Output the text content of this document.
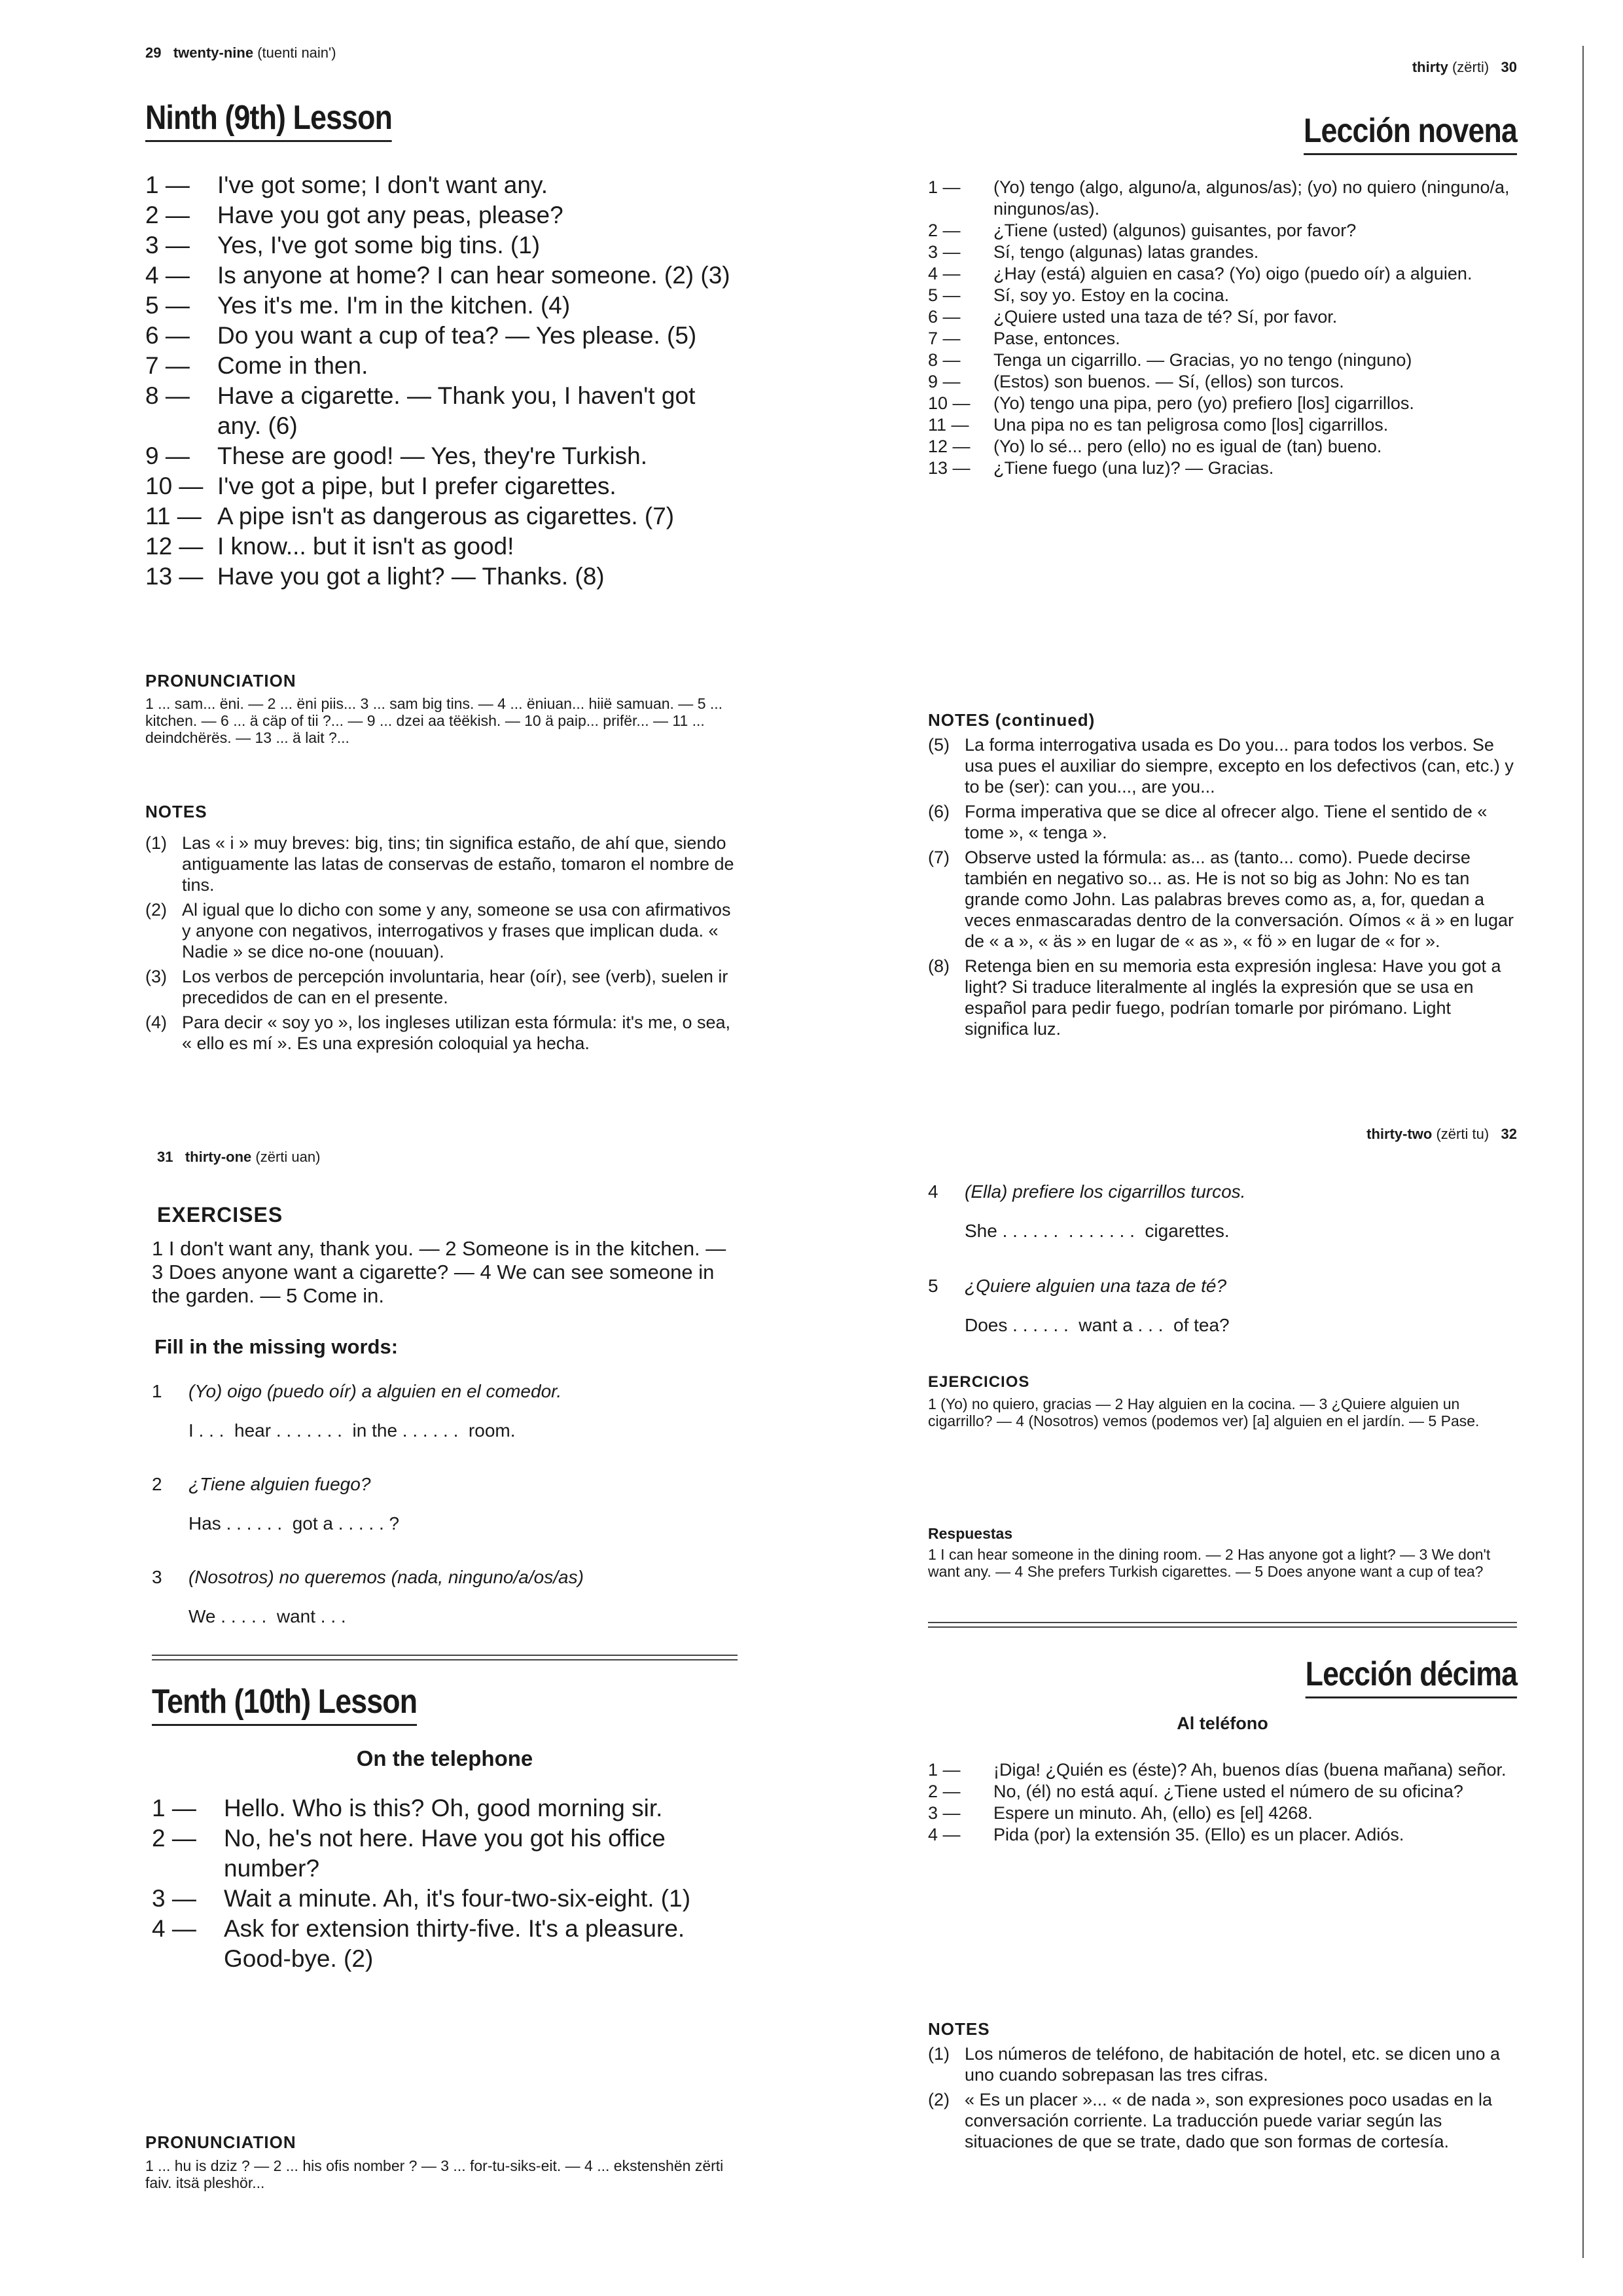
29 twenty-nine (tuenti nain')
Ninth (9th) Lesson
1 —	I've got some; I don't want any.
2 —	Have you got any peas, please?
3 —	Yes, I've got some big tins. (1)
4 —	Is anyone at home? I can hear someone. (2) (3)
5 —	Yes it's me. I'm in the kitchen. (4)
6 —	Do you want a cup of tea? — Yes please. (5)
7 —	Come in then.
8 —	Have a cigarette. — Thank you, I haven't got any. (6)
9 —	These are good! — Yes, they're Turkish.
10 — I've got a pipe, but I prefer cigarettes.
11 — A pipe isn't as dangerous as cigarettes. (7)
12 — I know... but it isn't as good!
13 — Have you got a light? — Thanks. (8)
PRONUNCIATION
1 ... sam... ëni. — 2 ... ëni piis... 3 ... sam big tins. — 4 ... ëniuan... hiië samuan. — 5 ... kitchen. — 6 ... ä cäp of tii ?... — 9 ... dzei aa tëëkish. — 10 ä paip... prifër... — 11 ... deindchërës. — 13 ... ä lait ?...
NOTES
(1) Las « i » muy breves: big, tins; tin significa estaño, de ahí que, siendo antiguamente las latas de conservas de estaño, tomaron el nombre de tins.
(2) Al igual que lo dicho con some y any, someone se usa con afirmativos y anyone con negativos, interrogativos y frases que implican duda. « Nadie » se dice no-one (nouuan).
(3) Los verbos de percepción involuntaria, hear (oír), see (verb), suelen ir precedidos de can en el presente.
(4) Para decir « soy yo », los ingleses utilizan esta fórmula: it's me, o sea, « ello es mí ». Es una expresión coloquial ya hecha.
31 thirty-one (zërti uan)
EXERCISES
1 I don't want any, thank you. — 2 Someone is in the kitchen. — 3 Does anyone want a cigarette? — 4 We can see someone in the garden. — 5 Come in.
Fill in the missing words:
1	(Yo) oigo (puedo oír) a alguien en el comedor.
I . . .  hear . . . . . . .  in the . . . . . .  room.
2	¿Tiene alguien fuego?
Has . . . . . .  got a . . . . . ?
3	(Nosotros) no queremos (nada, ninguno/a/os/as)
We . . . . .  want . . .
Tenth (10th) Lesson
On the telephone
1 —	Hello. Who is this? Oh, good morning sir.
2 —	No, he's not here. Have you got his office number?
3 —	Wait a minute. Ah, it's four-two-six-eight. (1)
4 —	Ask for extension thirty-five. It's a pleasure. Good-bye. (2)
PRONUNCIATION
1 ... hu is dziz ? — 2 ... his ofis nomber ? — 3 ... for-tu-siks-eit. — 4 ... ekstenshën zërti faiv. itsä pleshör...
thirty (zërti) 30
Lección novena
1 —	(Yo) tengo (algo, alguno/a, algunos/as); (yo) no quiero (ninguno/a, ningunos/as).
2 —	¿Tiene (usted) (algunos) guisantes, por favor?
3 —	Sí, tengo (algunas) latas grandes.
4 —	¿Hay (está) alguien en casa? (Yo) oigo (puedo oír) a alguien.
5 —	Sí, soy yo. Estoy en la cocina.
6 —	¿Quiere usted una taza de té? Sí, por favor.
7 —	Pase, entonces.
8 —	Tenga un cigarrillo. — Gracias, yo no tengo (ninguno)
9 —	(Estos) son buenos. — Sí, (ellos) son turcos.
10 —	(Yo) tengo una pipa, pero (yo) prefiero [los] cigarrillos.
11 —	Una pipa no es tan peligrosa como [los] cigarrillos.
12 —	(Yo) lo sé... pero (ello) no es igual de (tan) bueno.
13 —	¿Tiene fuego (una luz)? — Gracias.
NOTES (continued)
(5) La forma interrogativa usada es Do you... para todos los verbos. Se usa pues el auxiliar do siempre, excepto en los defectivos (can, etc.) y to be (ser): can you..., are you...
(6) Forma imperativa que se dice al ofrecer algo. Tiene el sentido de « tome », « tenga ».
(7) Observe usted la fórmula: as... as (tanto... como). Puede decirse también en negativo so... as. He is not so big as John: No es tan grande como John. Las palabras breves como as, a, for, quedan a veces enmascaradas dentro de la conversación. Oímos « ä » en lugar de « a », « äs » en lugar de « as », « fö » en lugar de « for ».
(8) Retenga bien en su memoria esta expresión inglesa: Have you got a light? Si traduce literalmente al inglés la expresión que se usa en español para pedir fuego, podrían tomarle por pirómano. Light significa luz.
thirty-two (zërti tu) 32
4	(Ella) prefiere los cigarrillos turcos.
She . . . . . .  . . . . . . .  cigarettes.
5	¿Quiere alguien una taza de té?
Does . . . . . .  want a . . .  of tea?
EJERCICIOS
1 (Yo) no quiero, gracias — 2 Hay alguien en la cocina. — 3 ¿Quiere alguien un cigarrillo? — 4 (Nosotros) vemos (podemos ver) [a] alguien en el jardín. — 5 Pase.
Respuestas
1 I can hear someone in the dining room. — 2 Has anyone got a light? — 3 We don't want any. — 4 She prefers Turkish cigarettes. — 5 Does anyone want a cup of tea?
Lección décima
Al teléfono
1 —	¡Diga! ¿Quién es (éste)? Ah, buenos días (buena mañana) señor.
2 —	No, (él) no está aquí. ¿Tiene usted el número de su oficina?
3 —	Espere un minuto. Ah, (ello) es [el] 4268.
4 —	Pida (por) la extensión 35. (Ello) es un placer. Adiós.
NOTES
(1) Los números de teléfono, de habitación de hotel, etc. se dicen uno a uno cuando sobrepasan las tres cifras.
(2) « Es un placer »... « de nada », son expresiones poco usadas en la conversación corriente. La traducción puede variar según las situaciones de que se trate, dado que son formas de cortesía.
